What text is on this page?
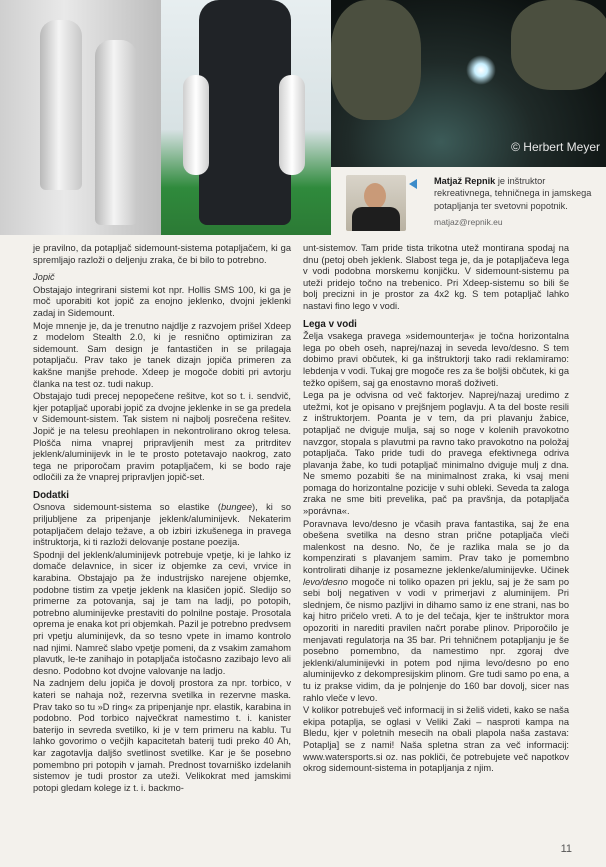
© Herbert Meyer
Matjaž Repnik je inštruktor rekreativnega, tehničnega in jamskega potapljanja ter svetovni popotnik.
matjaz@repnik.eu

je pravilno, da potapljač sidemount-sistema potapljačem, ki ga spremljajo razloži o deljenju zraka, če bi bilo to potrebno.

Jopič

Obstajajo integrirani sistemi kot npr. Hollis SMS 100, ki ga je moč uporabiti kot jopič za enojno jeklenko, dvojni jeklenki zadaj in Sidemount.

Moje mnenje je, da je trenutno najdlje z razvojem prišel Xdeep z modelom Stealth 2.0, ki je resnično optimiziran za sidemount. Sam design je fantastičen in se prilagaja potapljaču. Prav tako je tanek dizajn jopiča primeren za kakšne manjše prehode. Xdeep je mogoče dobiti pri avtorju članka na test oz. tudi nakup.

Obstajajo tudi precej nepopečene rešitve, kot so t. i. sendvič, kjer potapljač uporabi jopič za dvojne jeklenke in se ga predela v Sidemount-sistem. Tak sistem ni najbolj posrečena rešitev. Jopič je na telesu preohlapen in nekontrolirano okrog telesa. Plošča nima vnaprej pripravljenih mest za pritrditev jeklenk/aluminijevk in le te prosto potetavajo naokrog, zato tega ne priporočam pravim potapljačem, ki se bodo raje odločili za že vnaprej pripravljen jopič-set.

Dodatki

Osnova sidemount-sistema so elastike (bungee), ki so priljubljene za pripenjanje jeklenk/aluminijevk. Nekaterim potapljačem delajo težave, a ob izbiri izkušenega in pravega inštruktorja, ki ti razloži delovanje postane poezija.

Spodnji del jeklenk/aluminijevk potrebuje vpetje, ki je lahko iz domače delavnice, in sicer iz objemke za cevi, vrvice in karabina. Obstajajo pa že industrijsko narejene objemke, podobne tistim za vpetje jeklenk na klasičen jopič. Sledijo so primerne za potovanja, saj je tam na ladji, po potopih, potrebno aluminijevke prestaviti do polnilne postaje. Prosotala oprema je enaka kot pri objemkah. Pazil je potrebno predvsem pri vpetju aluminijevk, da so tesno vpete in imamo kontrolo nad njimi. Namreč slabo vpetje pomeni, da z vsakim zamahom plavutk, le-te zanihajo in potapljača istočasno zazibajo levo ali desno. Podobno kot dvojne valovanje na ladjo.

Na zadnjem delu jopiča je dovolj prostora za npr. torbico, v kateri se nahaja nož, rezervna svetilka in rezervne maska. Prav tako so tu »D ring« za pripenjanje npr. elastik, karabina in podobno. Pod torbico največkrat namestimo t. i. kanister baterijo in sevreda svetilko, ki je v tem primeru na kablu. Tu lahko govorimo o večjih kapacitetah baterij tudi preko 40 Ah, kar zagotavlja daljšo svetlinost svetilke. Kar je še posebno pomembno pri potopih v jamah. Prednost tovarniško izdelanih sistemov je tudi prostor za uteži. Velikokrat med jamskimi potopi gledam kolege iz t. i. backmo-

unt-sistemov. Tam pride tista trikotna utež montirana spodaj na dnu (petoj obeh jeklenk. Slabost tega je, da je potapljačeva lega v vodi podobna morskemu konjičku. V sidemount-sistemu pa uteži pridejo točno na trebenico. Pri Xdeep-sistemu so bili še bolj precizni in je prostor za 4x2 kg. S tem potapljač lahko nastavi fino lego v vodi.

Lega v vodi

Želja vsakega pravega »sidemounterja« je točna horizontalna lega po obeh oseh, naprej/nazaj in seveda levo/desno. S tem dobimo pravi občutek, ki ga inštruktorji tako radi reklamiramo: lebdenja v vodi. Tukaj gre mogoče res za še boljši občutek, ki ga težko opišem, saj ga enostavno moraš doživeti.

Lega pa je odvisna od več faktorjev. Naprej/nazaj uredimo z utežmi, kot je opisano v prejšnjem poglavju. A ta del boste resili z inštruktorjem. Poanta je v tem, da pri plavanju žabice, potapljač ne dviguje mulja, saj so noge v kolenih pravokotno navzgor, stopala s plavutmi pa ravno tako pravokotno na položaj potapljača. Tako pride tudi do pravega efektivnega odriva plavanja žabe, ko tudi potapljač minimalno dviguje mulj z dna. Ne smemo pozabiti še na minimalnost zraka, ki vsaj meni pomaga do horizontalne pozicije v suhi obleki. Seveda ta zaloga zraka ne sme biti prevelika, pač pa pravšnja, da potapljača »porávna«.

Poravnava levo/desno je včasih prava fantastika, saj že ena obešena svetilka na desno stran prične potapljača vleči malenkost na desno. No, če je razlika mala se jo da kompenzirati s plavanjem samim. Prav tako je pomembno kontrolirati dihanje iz posamezne jeklenke/aluminijevke. Učinek levo/desno mogoče ni toliko opazen pri jeklu, saj je že sam po sebi bolj negativen v vodi v primerjavi z aluminijem. Pri slednjem, če nismo pazljivi in dihamo samo iz ene strani, nas bo kaj hitro pričelo vreti. A to je del tečaja, kjer te inštruktor mora opozoriti in narediti pravilen načrt porabe plinov. Priporočilo je menjavati regulatorja na 35 bar. Pri tehničnem potapljanju je še posebno pomembno, da namestimo npr. zgoraj dve jeklenki/aluminijevki in potem pod njima levo/desno po eno aluminijevko z dekompresijskim plinom. Gre tudi samo po ena, a tu iz prakse vidim, da je polnjenje do 160 bar dovolj, sicer nas rahlo vleče v levo.

V kolikor potrebuješ več informacij in si želiš videti, kako se naša ekipa potaplja, se oglasi v Veliki Zaki – nasproti kampa na Bledu, kjer v poletnih mesecih na obali plapola naša zastava: Potaplja] se z nami! Naša spletna stran za več informacij: www.watersports.si oz. nas pokliči, če potrebujete več napotkov okrog sidemount-sistema in potapljanja z njim.

11
